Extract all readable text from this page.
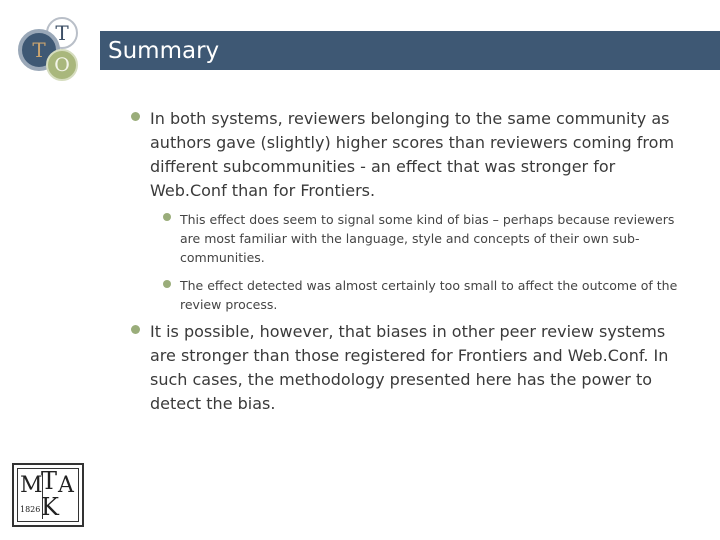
T
T
O
Summary
In both systems, reviewers belonging to the same community as authors gave (slightly) higher scores than reviewers coming from different subcommunities - an effect that was stronger for Web.Conf than for Frontiers.
This effect does seem to signal some kind of bias – perhaps because reviewers are most familiar with the language, style and concepts of their own sub-communities.
The effect detected was almost certainly too small to affect the outcome of the review process.
It is possible, however, that biases in other peer review systems are stronger than those registered for Frontiers and Web.Conf. In such cases, the methodology presented here has the power to detect the bias.
M
T A
K
1826
